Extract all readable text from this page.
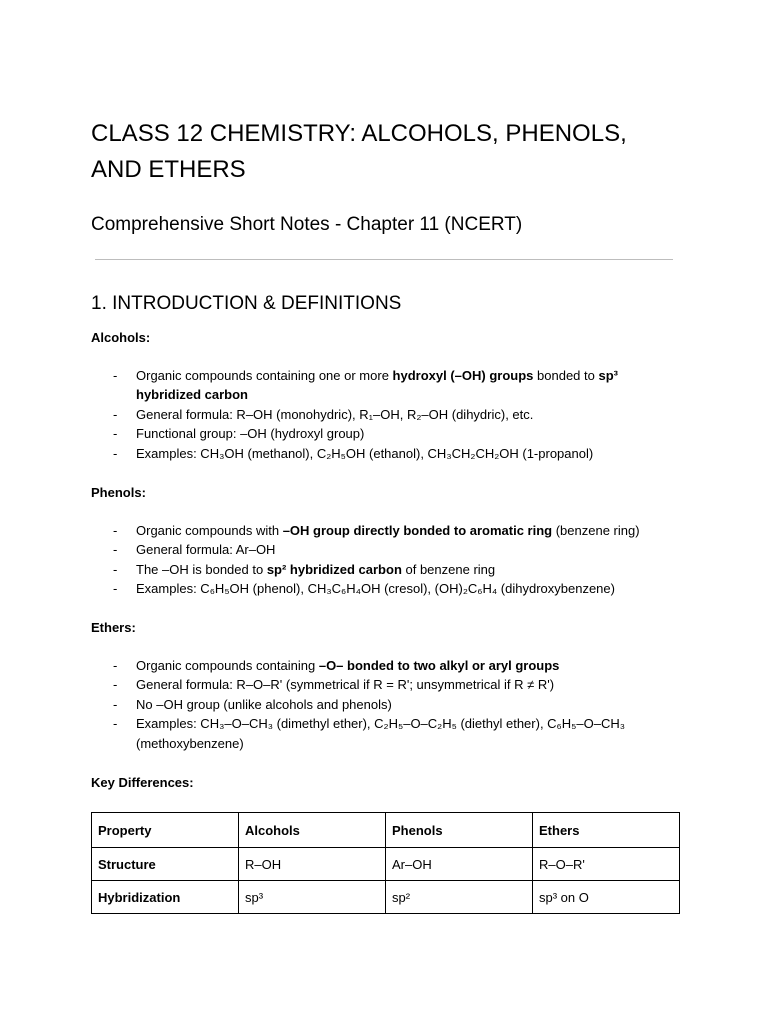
CLASS 12 CHEMISTRY: ALCOHOLS, PHENOLS, AND ETHERS
Comprehensive Short Notes - Chapter 11 (NCERT)
1. INTRODUCTION & DEFINITIONS
Alcohols:
- Organic compounds containing one or more hydroxyl (–OH) groups bonded to sp³ hybridized carbon
- General formula: R–OH (monohydric), R₁–OH, R₂–OH (dihydric), etc.
- Functional group: –OH (hydroxyl group)
- Examples: CH₃OH (methanol), C₂H₅OH (ethanol), CH₃CH₂CH₂OH (1-propanol)
Phenols:
- Organic compounds with –OH group directly bonded to aromatic ring (benzene ring)
- General formula: Ar–OH
- The –OH is bonded to sp² hybridized carbon of benzene ring
- Examples: C₆H₅OH (phenol), CH₃C₆H₄OH (cresol), (OH)₂C₆H₄ (dihydroxybenzene)
Ethers:
- Organic compounds containing –O– bonded to two alkyl or aryl groups
- General formula: R–O–R' (symmetrical if R = R'; unsymmetrical if R ≠ R')
- No –OH group (unlike alcohols and phenols)
- Examples: CH₃–O–CH₃ (dimethyl ether), C₂H₅–O–C₂H₅ (diethyl ether), C₆H₅–O–CH₃ (methoxybenzene)
Key Differences:
Property	Alcohols	Phenols	Ethers
Structure	R–OH	Ar–OH	R–O–R'
Hybridization	sp³	sp²	sp³ on O
